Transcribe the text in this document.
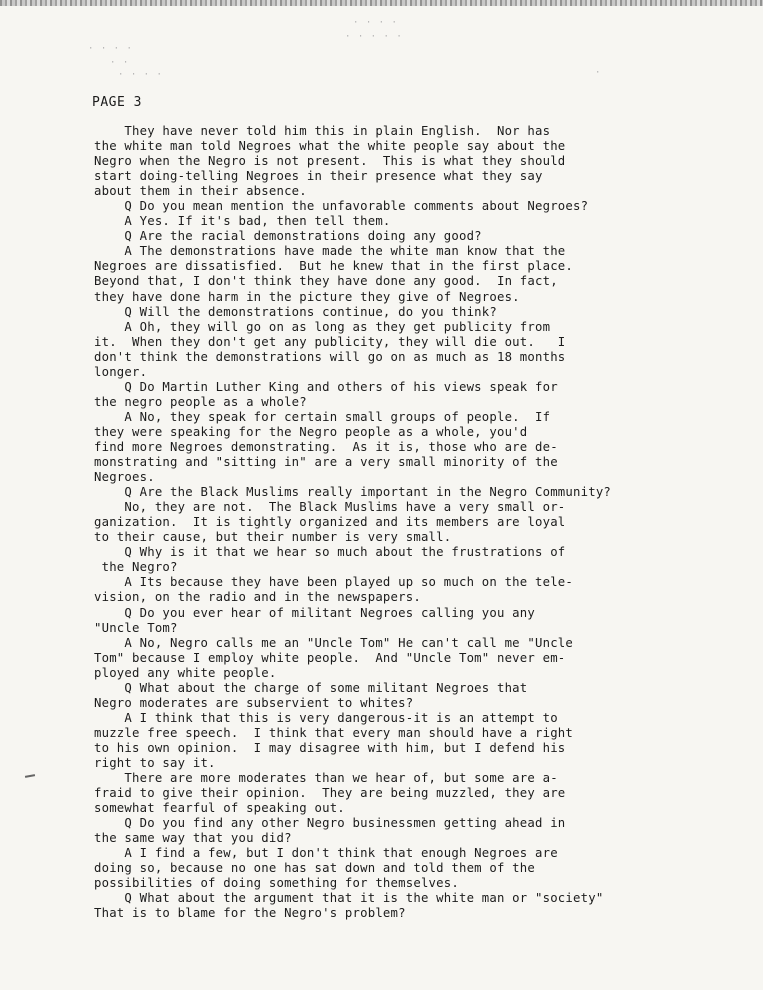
· · · ·
· · · · ·
· · · ·
· ·
· · · ·	·
PAGE 3
They have never told him this in plain English.  Nor has
the white man told Negroes what the white people say about the
Negro when the Negro is not present.  This is what they should
start doing-telling Negroes in their presence what they say
about them in their absence.
Q Do you mean mention the unfavorable comments about Negroes?
A Yes. If it's bad, then tell them.
Q Are the racial demonstrations doing any good?
A The demonstrations have made the white man know that the
Negroes are dissatisfied.  But he knew that in the first place.
Beyond that, I don't think they have done any good.  In fact,
they have done harm in the picture they give of Negroes.
Q Will the demonstrations continue, do you think?
A Oh, they will go on as long as they get publicity from
it.  When they don't get any publicity, they will die out.   I
don't think the demonstrations will go on as much as 18 months
longer.
Q Do Martin Luther King and others of his views speak for
the negro people as a whole?
A No, they speak for certain small groups of people.  If
they were speaking for the Negro people as a whole, you'd
find more Negroes demonstrating.  As it is, those who are de-
monstrating and "sitting in" are a very small minority of the
Negroes.
Q Are the Black Muslims really important in the Negro Community?
No, they are not.  The Black Muslims have a very small or-
ganization.  It is tightly organized and its members are loyal
to their cause, but their number is very small.
Q Why is it that we hear so much about the frustrations of
the Negro?
A Its because they have been played up so much on the tele-
vision, on the radio and in the newspapers.
Q Do you ever hear of militant Negroes calling you any
"Uncle Tom?
A No, Negro calls me an "Uncle Tom" He can't call me "Uncle
Tom" because I employ white people.  And "Uncle Tom" never em-
ployed any white people.
Q What about the charge of some militant Negroes that
Negro moderates are subservient to whites?
A I think that this is very dangerous-it is an attempt to
muzzle free speech.  I think that every man should have a right
to his own opinion.  I may disagree with him, but I defend his
right to say it.
There are more moderates than we hear of, but some are a-
fraid to give their opinion.  They are being muzzled, they are
somewhat fearful of speaking out.
Q Do you find any other Negro businessmen getting ahead in
the same way that you did?
A I find a few, but I don't think that enough Negroes are
doing so, because no one has sat down and told them of the
possibilities of doing something for themselves.
Q What about the argument that it is the white man or "society"
That is to blame for the Negro's problem?
